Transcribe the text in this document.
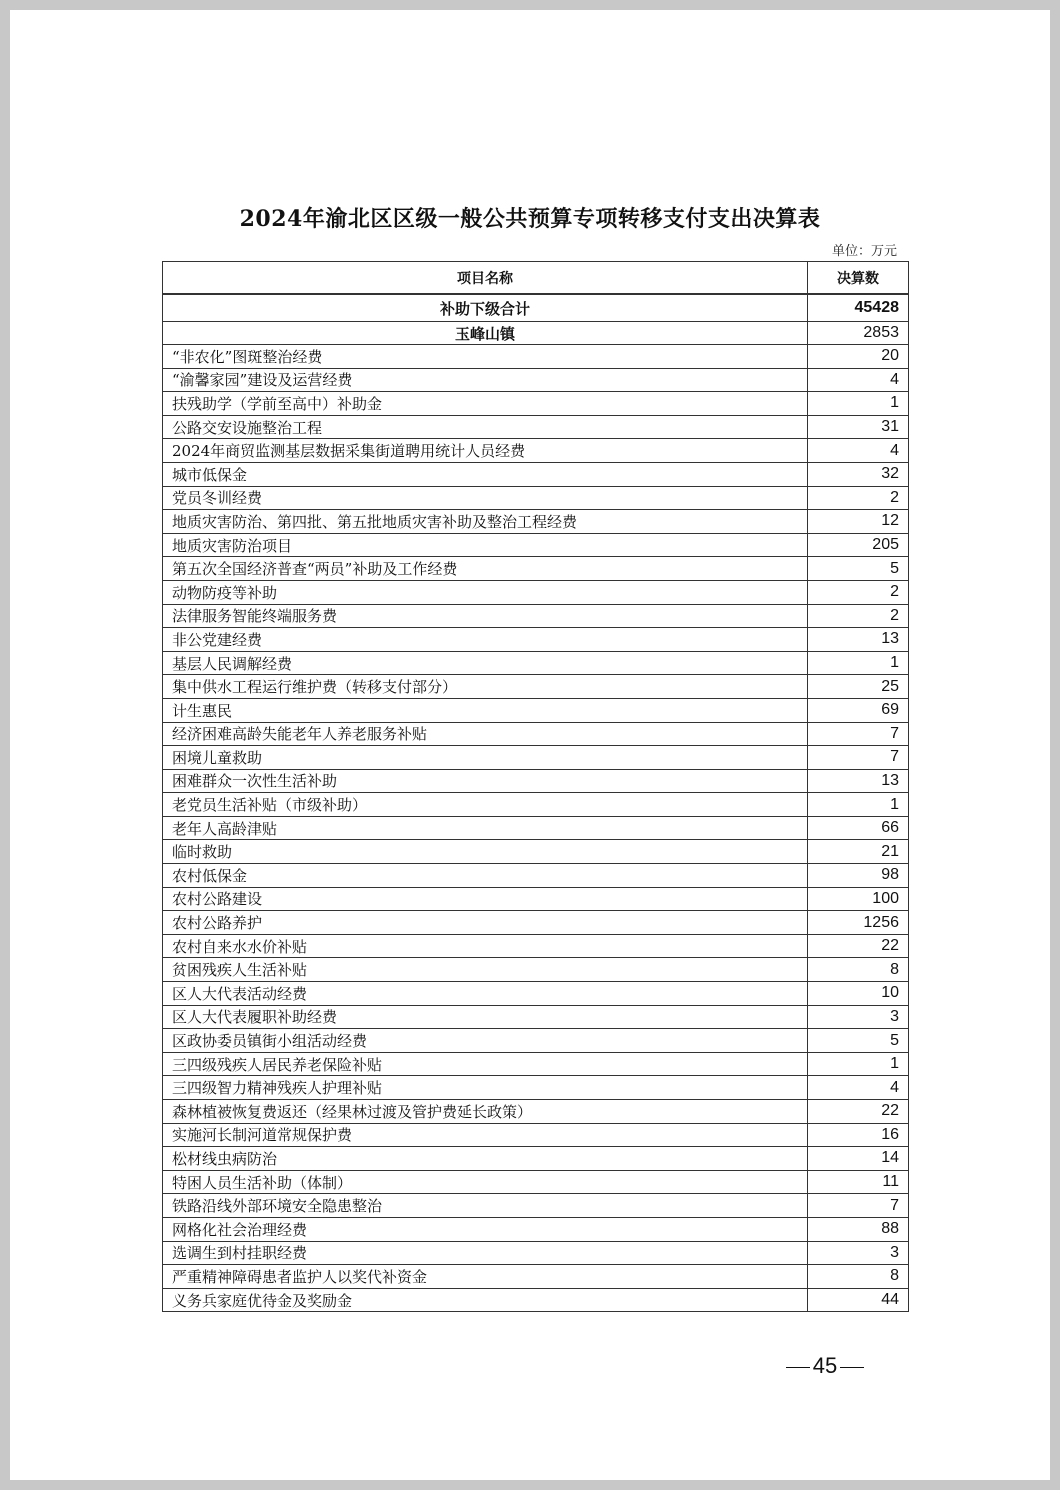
2024年渝北区区级一般公共预算专项转移支付支出决算表
单位：万元
项目名称	决算数
补助下级合计	45428
玉峰山镇	2853
“非农化”图斑整治经费	20
“渝馨家园”建设及运营经费	4
扶残助学（学前至高中）补助金	1
公路交安设施整治工程	31
2024年商贸监测基层数据采集街道聘用统计人员经费	4
城市低保金	32
党员冬训经费	2
地质灾害防治、第四批、第五批地质灾害补助及整治工程经费	12
地质灾害防治项目	205
第五次全国经济普查“两员”补助及工作经费	5
动物防疫等补助	2
法律服务智能终端服务费	2
非公党建经费	13
基层人民调解经费	1
集中供水工程运行维护费（转移支付部分）	25
计生惠民	69
经济困难高龄失能老年人养老服务补贴	7
困境儿童救助	7
困难群众一次性生活补助	13
老党员生活补贴（市级补助）	1
老年人高龄津贴	66
临时救助	21
农村低保金	98
农村公路建设	100
农村公路养护	1256
农村自来水水价补贴	22
贫困残疾人生活补贴	8
区人大代表活动经费	10
区人大代表履职补助经费	3
区政协委员镇街小组活动经费	5
三四级残疾人居民养老保险补贴	1
三四级智力精神残疾人护理补贴	4
森林植被恢复费返还（经果林过渡及管护费延长政策）	22
实施河长制河道常规保护费	16
松材线虫病防治	14
特困人员生活补助（体制）	11
铁路沿线外部环境安全隐患整治	7
网格化社会治理经费	88
选调生到村挂职经费	3
严重精神障碍患者监护人以奖代补资金	8
义务兵家庭优待金及奖励金	44
45
